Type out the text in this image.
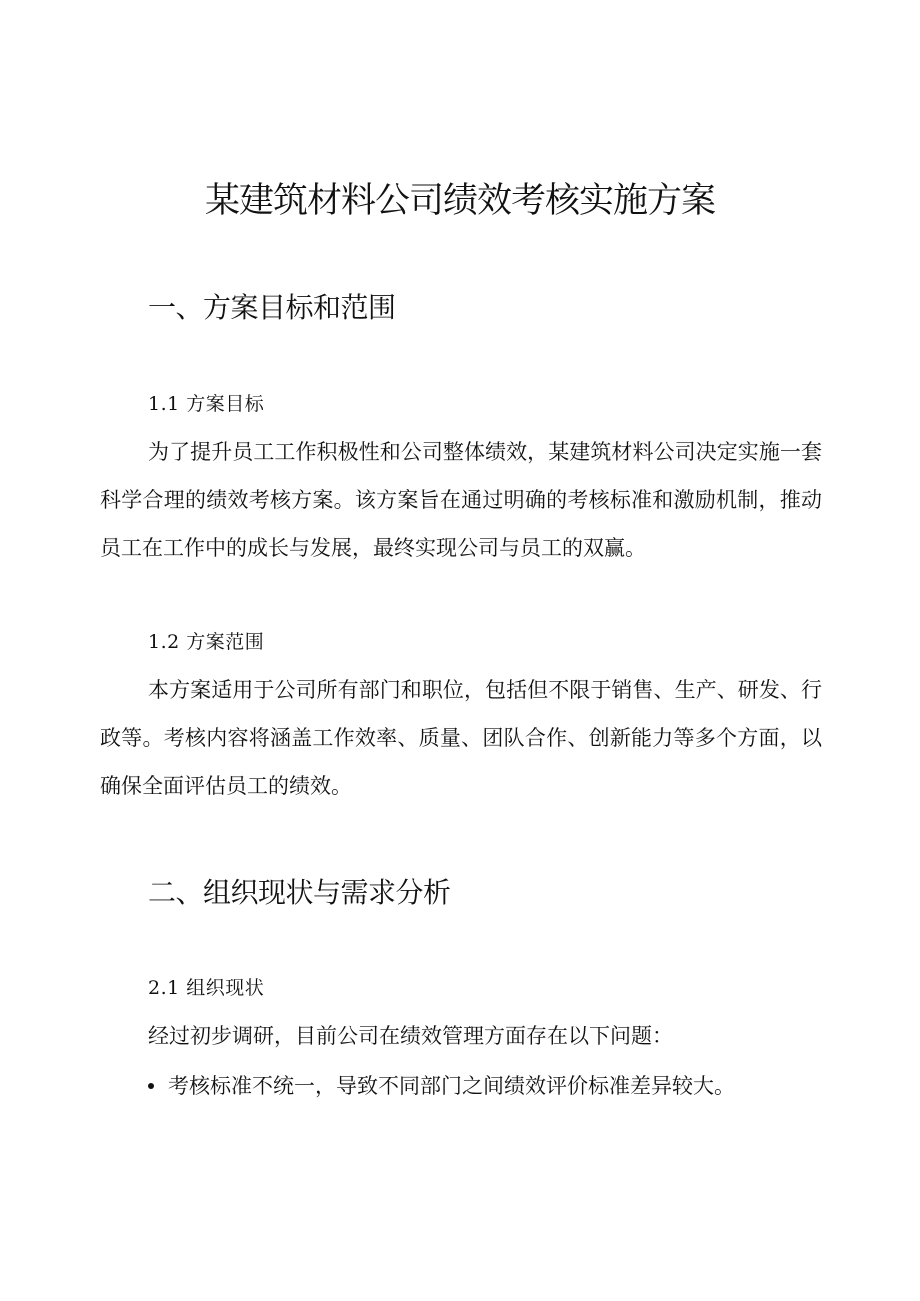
某建筑材料公司绩效考核实施方案
一、方案目标和范围
1.1 方案目标

为了提升员工工作积极性和公司整体绩效，某建筑材料公司决定实施一套科学合理的绩效考核方案。该方案旨在通过明确的考核标准和激励机制，推动员工在工作中的成长与发展，最终实现公司与员工的双赢。

1.2 方案范围

本方案适用于公司所有部门和职位，包括但不限于销售、生产、研发、行政等。考核内容将涵盖工作效率、质量、团队合作、创新能力等多个方面，以确保全面评估员工的绩效。

二、组织现状与需求分析
2.1 组织现状
经过初步调研，目前公司在绩效管理方面存在以下问题：
考核标准不统一，导致不同部门之间绩效评价标准差异较大。
